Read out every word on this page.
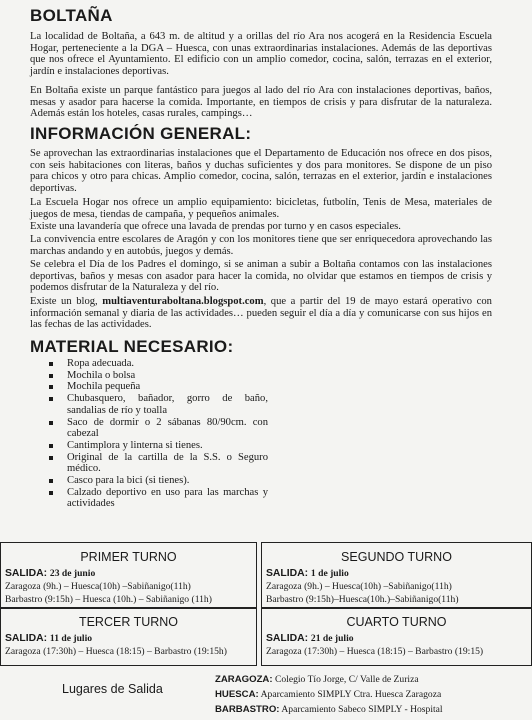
BOLTAÑA

La localidad de Boltaña, a 643 m. de altitud y a orillas del río Ara nos acogerá en la Residencia Escuela Hogar, perteneciente a la DGA – Huesca, con unas extraordinarias instalaciones. Además de las deportivas que nos ofrece el Ayuntamiento. El edificio con un amplio comedor, cocina, salón, terrazas en el exterior, jardín e instalaciones deportivas.

En Boltaña existe un parque fantástico para juegos al lado del río Ara con instalaciones deportivas, baños, mesas y asador para hacerse la comida. Importante, en tiempos de crisis y para disfrutar de la naturaleza. Además están los hoteles, casas rurales, campings…

INFORMACIÓN GENERAL:

Se aprovechan las extraordinarias instalaciones que el Departamento de Educación nos ofrece en dos pisos, con seis habitaciones con literas, baños y duchas suficientes y dos para monitores. Se dispone de un piso para chicos y otro para chicas. Amplio comedor, cocina, salón, terrazas en el exterior, jardín e instalaciones deportivas.

La Escuela Hogar nos ofrece un amplio equipamiento: bicicletas, futbolín, Tenis de Mesa, materiales de juegos de mesa, tiendas de campaña, y pequeños animales.

Existe una lavandería que ofrece una lavada de prendas por turno y en casos especiales.

La convivencia entre escolares de Aragón y con los monitores tiene que ser enriquecedora aprovechando las marchas andando y en autobús, juegos y demás.

Se celebra el Día de los Padres el domingo, si se animan a subir a Boltaña contamos con las instalaciones deportivas, baños y mesas con asador para hacer la comida, no olvidar que estamos en tiempos de crisis y podemos disfrutar de la Naturaleza y del río.

Existe un blog, multiaventuraboltana.blogspot.com, que a partir del 19 de mayo estará operativo con información semanal y diaria de las actividades… pueden seguir el día a día y comunicarse con sus hijos en las fechas de las actividades.

MATERIAL NECESARIO:
Ropa adecuada.
Mochila o bolsa
Mochila pequeña
Chubasquero, bañador, gorro de baño, sandalias de río y toalla
Saco de dormir o 2 sábanas 80/90cm. con cabezal
Cantimplora y linterna si tienes.
Original de la cartilla de la S.S. o Seguro médico.
Casco para la bici (si tienes).
Calzado deportivo en uso para las marchas y actividades
PRIMER TURNO
SALIDA: 23 de junio
Zaragoza (9h.) – Huesca(10h) –Sabiñanigo(11h)
Barbastro (9:15h) – Huesca (10h.) – Sabiñanigo (11h)
SEGUNDO TURNO
SALIDA: 1 de julio
Zaragoza (9h.) – Huesca(10h) –Sabiñanigo(11h)
Barbastro (9:15h)–Huesca(10h.)–Sabiñanigo(11h)
TERCER TURNO
SALIDA: 11 de julio
Zaragoza (17:30h) – Huesca (18:15) – Barbastro (19:15h)
CUARTO TURNO
SALIDA: 21 de julio
Zaragoza (17:30h) – Huesca (18:15) – Barbastro (19:15)
Lugares de Salida
ZARAGOZA: Colegio Tío Jorge, C/ Valle de Zuriza
HUESCA: Aparcamiento SIMPLY Ctra. Huesca Zaragoza
BARBASTRO: Aparcamiento Sabeco SIMPLY - Hospital
